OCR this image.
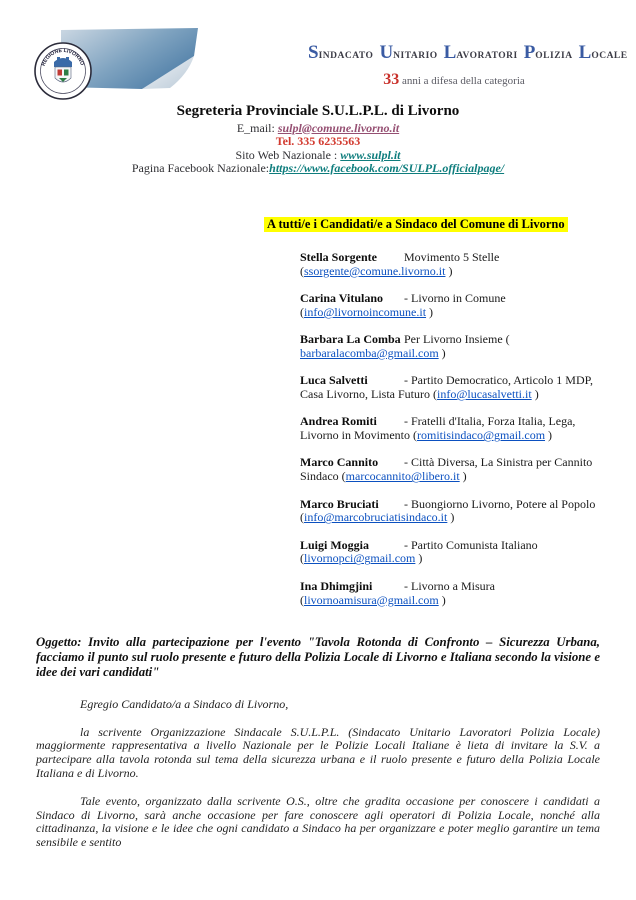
REGIONE LIVORNO
SINDACATO UNITARIO LAVORATORI POLIZIA LOCALE
33 anni a difesa della categoria
Segreteria Provinciale S.U.L.P.L. di Livorno
E_mail: sulpl@comune.livorno.it
Tel. 335 6235563
Sito Web Nazionale : www.sulpl.it
Pagina Facebook Nazionale:https://www.facebook.com/SULPL.officialpage/
A tutti/e i Candidati/e a Sindaco del Comune di Livorno
Stella Sorgente Movimento 5 Stelle
(ssorgente@comune.livorno.it )
Carina Vitulano - Livorno in Comune
(info@livornoincomune.it )
Barbara La Comba Per Livorno Insieme (
barbaralacomba@gmail.com )
Luca Salvetti	- Partito Democratico, Articolo 1 MDP,
Casa Livorno, Lista Futuro (info@lucasalvetti.it )
Andrea Romiti - Fratelli d'Italia, Forza Italia, Lega,
Livorno in Movimento (romitisindaco@gmail.com )
Marco Cannito - Città Diversa, La Sinistra per Cannito
Sindaco (marcocannito@libero.it )
Marco Bruciati - Buongiorno Livorno, Potere al Popolo
(info@marcobruciatisindaco.it )
Luigi Moggia	- Partito Comunista Italiano
(livornopci@gmail.com )
Ina Dhimgjini	- Livorno a Misura
(livornoamisura@gmail.com )
Oggetto: Invito alla partecipazione per l'evento "Tavola Rotonda di Confronto – Sicurezza Urbana, facciamo il punto sul ruolo presente e futuro della Polizia Locale di Livorno e Italiana secondo la visione e idee dei vari candidati"
Egregio Candidato/a a Sindaco di Livorno,
la scrivente Organizzazione Sindacale S.U.L.P.L. (Sindacato Unitario Lavoratori Polizia Locale) maggiormente rappresentativa a livello Nazionale per le Polizie Locali Italiane è lieta di invitare la S.V. a partecipare alla tavola rotonda sul tema della sicurezza urbana e il ruolo presente e futuro della Polizia Locale Italiana e di Livorno.
Tale evento, organizzato dalla scrivente O.S., oltre che gradita occasione per conoscere i candidati a Sindaco di Livorno, sarà anche occasione per fare conoscere agli operatori di Polizia Locale, nonché alla cittadinanza, la visione e le idee che ogni candidato a Sindaco ha per organizzare e poter meglio garantire un tema sensibile e sentito
